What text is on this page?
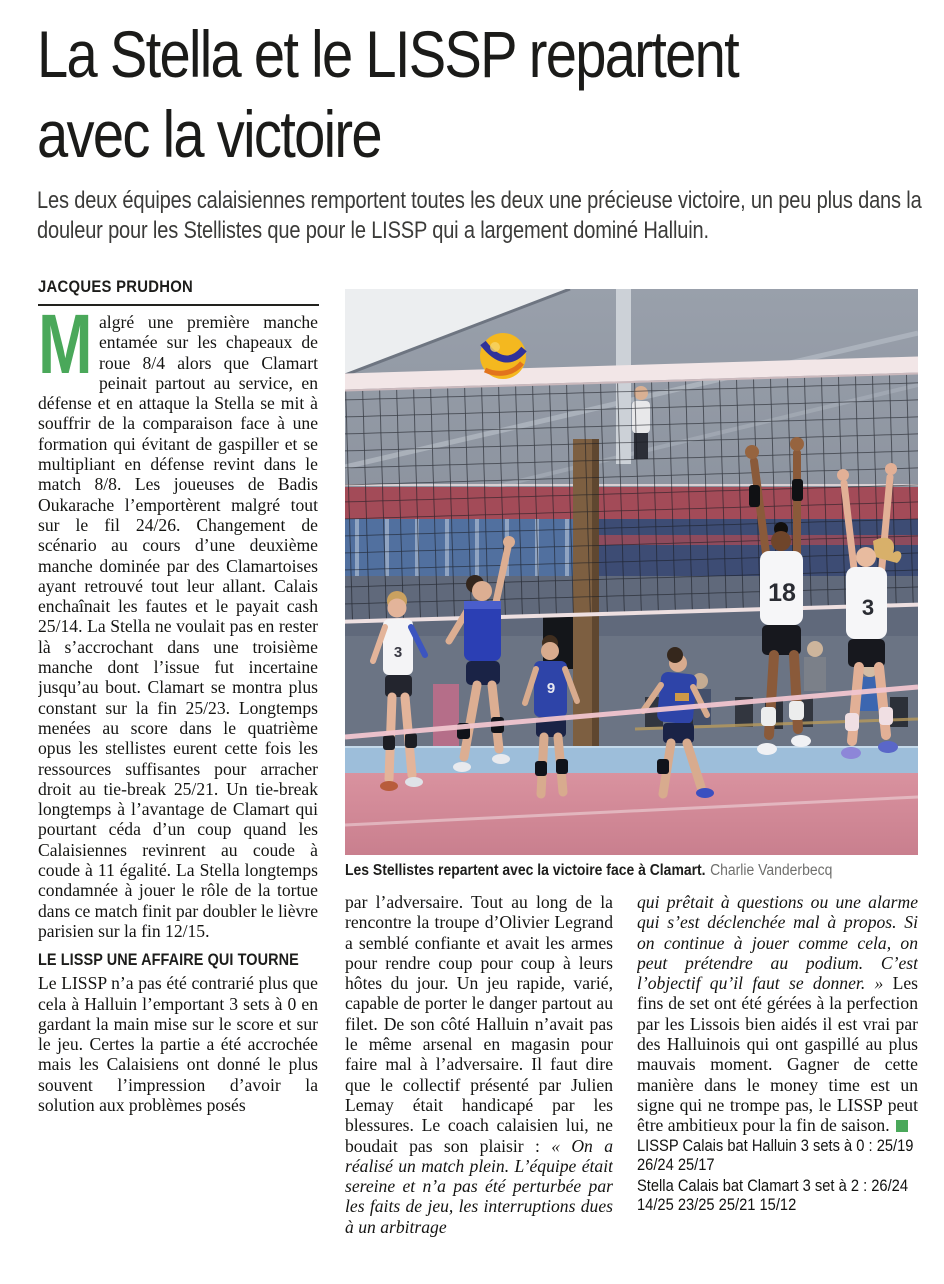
La Stella et le LISSP repartent avec la victoire

Les deux équipes calaisiennes remportent toutes les deux une précieuse victoire, un peu plus dans la douleur pour les Stellistes que pour le LISSP qui a largement dominé Halluin.

JACQUES PRUDHON

Malgré une première manche entamée sur les chapeaux de roue 8/4 alors que Clamart peinait partout au service, en défense et en attaque la Stella se mit à souffrir de la comparaison face à une formation qui évitant de gaspiller et se multipliant en défense revint dans le match 8/8. Les joueuses de Badis Oukarache l’emportèrent malgré tout sur le fil 24/26. Changement de scénario au cours d’une deuxième manche dominée par des Clamartoises ayant retrouvé tout leur allant. Calais enchaînait les fautes et le payait cash 25/14. La Stella ne voulait pas en rester là s’accrochant dans une troisième manche dont l’issue fut incertaine jusqu’au bout. Clamart se montra plus constant sur la fin 25/23. Longtemps menées au score dans le quatrième opus les stellistes eurent cette fois les ressources suffisantes pour arracher droit au tie-break 25/21. Un tie-break longtemps à l’avantage de Clamart qui pourtant céda d’un coup quand les Calaisiennes revinrent au coude à coude à 11 égalité. La Stella longtemps condamnée à jouer le rôle de la tortue dans ce match finit par doubler le lièvre parisien sur la fin 12/15.

LE LISSP UNE AFFAIRE QUI TOURNE

Le LISSP n’a pas été contrarié plus que cela à Halluin l’emportant 3 sets à 0 en gardant la main mise sur le score et sur le jeu. Certes la partie a été accrochée mais les Calaisiens ont donné le plus souvent l’impression d’avoir la solution aux problèmes posés

3
9
18
3
Les Stellistes repartent avec la victoire face à Clamart. Charlie Vanderbecq

par l’adversaire. Tout au long de la rencontre la troupe d’Olivier Legrand a semblé confiante et avait les armes pour rendre coup pour coup à leurs hôtes du jour. Un jeu rapide, varié, capable de porter le danger partout au filet. De son côté Halluin n’avait pas le même arsenal en magasin pour faire mal à l’adversaire. Il faut dire que le collectif présenté par Julien Lemay était handicapé par les blessures. Le coach calaisien lui, ne boudait pas son plaisir : « On a réalisé un match plein. L’équipe était sereine et n’a pas été perturbée par les faits de jeu, les interruptions dues à un arbitrage

qui prêtait à questions ou une alarme qui s’est déclenchée mal à propos. Si on continue à jouer comme cela, on peut prétendre au podium. C’est l’objectif qu’il faut se donner. » Les fins de set ont été gérées à la perfection par les Lissois bien aidés il est vrai par des Halluinois qui ont gaspillé au plus mauvais moment. Gagner de cette manière dans le money time est un signe qui ne trompe pas, le LISSP peut être ambitieux pour la fin de saison.

LISSP Calais bat Halluin 3 sets à 0 : 25/19 26/24 25/17

Stella Calais bat Clamart 3 set à 2 : 26/24 14/25 23/25 25/21 15/12
